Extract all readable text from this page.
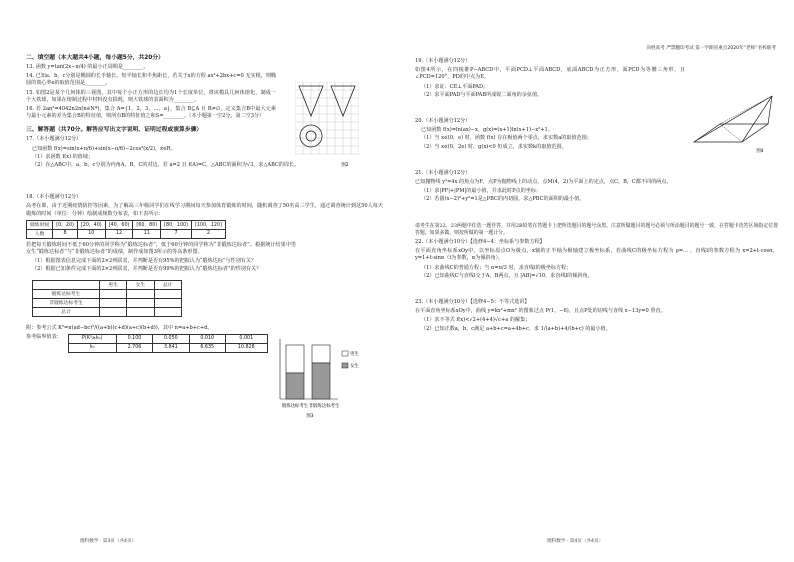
决胜高考 严禁翻印考试 第一学期省重点2020年“老师”名校联考
二、填空题（本大题共4小题，每小题5分，共20分）

13. 函数 y=tan(2x−π/4) 的最小正周期是________。

14. 已知a，b，c分别是椭圆的长半轴长、短半轴长和半焦距长，若关于x的方程 ax²+2bx+c=0 无实根，则椭圆的离心率e的取值范围是________。

15. 如图2是某个几何体的三视图，其中每个小正方形的边长均为1个长度单位，将该模具几何体熔化，制成一个大铁球，如果在熔制过程中材料没有损耗，则大铁球的表面积为________。

16. 若 2an²=4042n2n(n∈N*)，集合 A={1，2，3，…，a}，集合 B⊆A 且 B≠∅，定义集合B中最大元素与最小元素的差为集合B的特征值，则所有B的特征值之和S=________。（本小题第一空2分，第二空3分）

三、解答题（共70分。解答应写出文字说明、证明过程或演算步骤）

17.（本小题满分12分）

已知函数 f(x)=sin(x+π/6)+sin(x−π/6)−2cos²(x/2)，x∈R。

（1）求函数 f(x) 的值域；

（2）在△ABC中，a，b，c分别为内角A，B，C的对边，若 a=2 且 f(A)=C，△ABC的面积为√3，求△ABC的周长。

18.（本小题满分12分）

高考在即，由于近期疫情防控等因素，为了解高三年级同学们在线学习期间每天参加体育锻炼的时间，随机调查了50名高三学生，通过调查统计到这50人每天锻炼的时间（单位：分钟）绘制成频数分布表，如下表所示：

锻炼时间	[0，20)	[20，40)	[40，60)	[60，80)	[80，100)	[100，120]
人数	8	10	12	11	7	2

若把每天锻炼时间不低于60分钟的同学称为“锻炼达标者”，低于60分钟的同学称为“非锻炼达标者”。根据统计结果中男女生“锻炼达标者”与“非锻炼达标者”的成绩，制作成如图3所示的等高条形图。

（1）根据图表信息完成下面的2×2列联表，并判断是否有95%的把握认为“锻炼达标”与性别有关？

（2）根据已知条件完成下面的2×2列联表，并判断是否有99%的把握认为“锻炼达标者”的性别有关？

	男生	女生	总计
锻炼达标考生			
非锻炼达标考生			
总计			

附：参考公式 K²=n(ad−bc)²/((a+b)(c+d)(a+c)(b+d))，其中 n=a+b+c+d。

参考临界值表：	P(K²≥k₀)	0.100	0.050	0.010	0.001
k₀	2.706	3.841	6.635	10.828
理科数学 · 第3页（共4页）
图2
男生
女生
锻炼达标考生 非锻炼达标考生
图3

19.（本小题满分12分）

如图4所示，在四棱锥P−ABCD中，平面PCD⊥平面ABCD，底面ABCD为正方形，面PCD为等腰三角形，且∠PCD=120°，PD的中点为E。

（1）求证：CE⊥平面PAD；

（2）求平面PAD与平面PAB所成锐二面角的余弦值。

20.（本小题满分12分）

已知函数 f(x)=ln(ax)−x，g(x)=(x+1)ln(x+1)−x²+1。

（1）当 x∈(0，e) 时，函数 f(x) 存在极值两个零点，求实数a的取值范围；

（2）当 x∈(0，2e) 时，g(x)<0 恒成立，求实数k的取值范围。

21.（本小题满分12分）

已知抛物线 y²=4x 的焦点为F，点P为抛物线上的动点，点M(4，2)为平面上的定点，点C，B，C都不同的两点。

（1）求|PF|+|PM|的最小值，并求此时P点的坐标；

（2）若圆(x−2)²+y²=1是△PBC的内切圆，求△PBC的面积的最小值。

请考生在第22、23两题中任选一题作答，并用2B铅笔在答题卡上把所选题目的题号涂黑。注意所做题目的题号必须与所涂题目的题号一致，在答题卡选答区域指定位置答题。如果多做，则按所做的第一题计分。

22.（本小题满分10分）【选修4−4：坐标系与参数方程】

在平面直角坐标系xOy中，以坐标原点O为极点，x轴的正半轴为极轴建立极坐标系，若曲线C的极坐标方程为 ρ=… ，直线l的参数方程为 x=2+t·cosα，y=1+t·sinα（t为参数，α为倾斜角）。

（1）求曲线C的普通方程；当 α=π/3 时，求直线l的极坐标方程；

（2）已知曲线C与直线l交于A，B两点，且 |AB|=√10，求直线l的倾斜角。

23.（本小题满分10分）【选修4−5：不等式选讲】

在平面直角坐标系xOy中，曲线 y=kx²+mx² 的图象过点 P(1，−6)，且点P处的切线与直线 x−13y=0 垂直。

（1）求不等式 f(x)<√2+(4+4)√c+a 的解集；

（2）已知正数a，b，c满足 a+b+c=a+4b+c，求 1/(a+b)+4/(b+c) 的最小值。

理科数学 · 第4页（共4页）
图4
